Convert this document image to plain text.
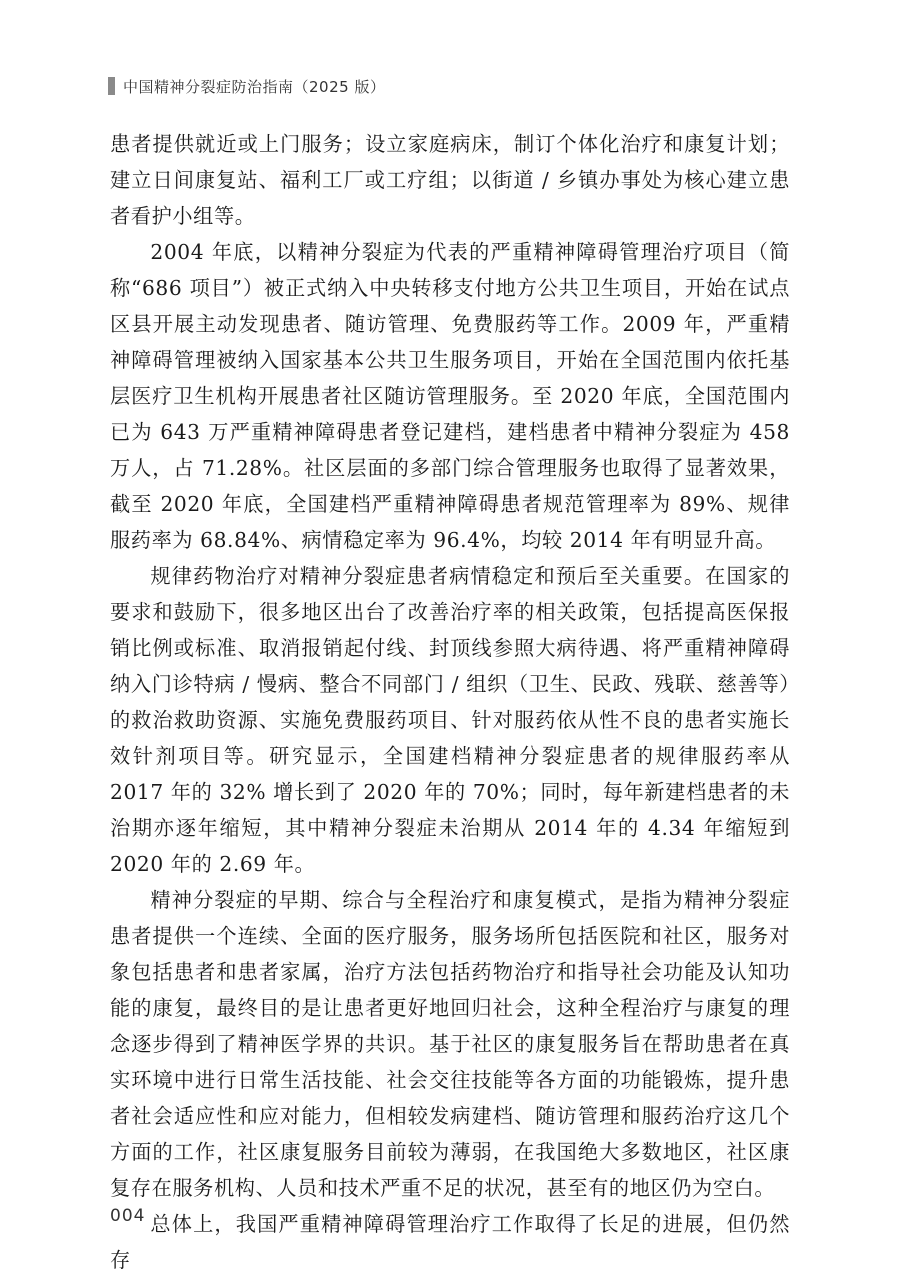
中国精神分裂症防治指南（2025 版）

患者提供就近或上门服务；设立家庭病床，制订个体化治疗和康复计划；建立日间康复站、福利工厂或工疗组；以街道 / 乡镇办事处为核心建立患者看护小组等。

2004 年底，以精神分裂症为代表的严重精神障碍管理治疗项目（简称“686 项目”）被正式纳入中央转移支付地方公共卫生项目，开始在试点区县开展主动发现患者、随访管理、免费服药等工作。2009 年，严重精神障碍管理被纳入国家基本公共卫生服务项目，开始在全国范围内依托基层医疗卫生机构开展患者社区随访管理服务。至 2020 年底，全国范围内已为 643 万严重精神障碍患者登记建档，建档患者中精神分裂症为 458 万人，占 71.28%。社区层面的多部门综合管理服务也取得了显著效果，截至 2020 年底，全国建档严重精神障碍患者规范管理率为 89%、规律服药率为 68.84%、病情稳定率为 96.4%，均较 2014 年有明显升高。

规律药物治疗对精神分裂症患者病情稳定和预后至关重要。在国家的要求和鼓励下，很多地区出台了改善治疗率的相关政策，包括提高医保报销比例或标准、取消报销起付线、封顶线参照大病待遇、将严重精神障碍纳入门诊特病 / 慢病、整合不同部门 / 组织（卫生、民政、残联、慈善等）的救治救助资源、实施免费服药项目、针对服药依从性不良的患者实施长效针剂项目等。研究显示，全国建档精神分裂症患者的规律服药率从 2017 年的 32% 增长到了 2020 年的 70%；同时，每年新建档患者的未治期亦逐年缩短，其中精神分裂症未治期从 2014 年的 4.34 年缩短到 2020 年的 2.69 年。

精神分裂症的早期、综合与全程治疗和康复模式，是指为精神分裂症患者提供一个连续、全面的医疗服务，服务场所包括医院和社区，服务对象包括患者和患者家属，治疗方法包括药物治疗和指导社会功能及认知功能的康复，最终目的是让患者更好地回归社会，这种全程治疗与康复的理念逐步得到了精神医学界的共识。基于社区的康复服务旨在帮助患者在真实环境中进行日常生活技能、社会交往技能等各方面的功能锻炼，提升患者社会适应性和应对能力，但相较发病建档、随访管理和服药治疗这几个方面的工作，社区康复服务目前较为薄弱，在我国绝大多数地区，社区康复存在服务机构、人员和技术严重不足的状况，甚至有的地区仍为空白。

总体上，我国严重精神障碍管理治疗工作取得了长足的进展，但仍然存

004
